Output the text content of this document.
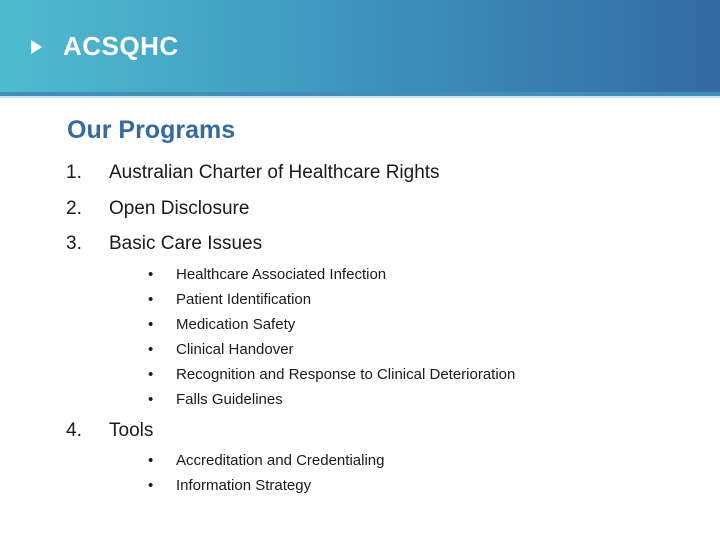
ACSQHC
Our Programs
1. Australian Charter of Healthcare Rights
2. Open Disclosure
3. Basic Care Issues
• Healthcare Associated Infection
• Patient Identification
• Medication Safety
• Clinical Handover
• Recognition and Response to Clinical Deterioration
• Falls Guidelines
4. Tools
• Accreditation and Credentialing
• Information Strategy
